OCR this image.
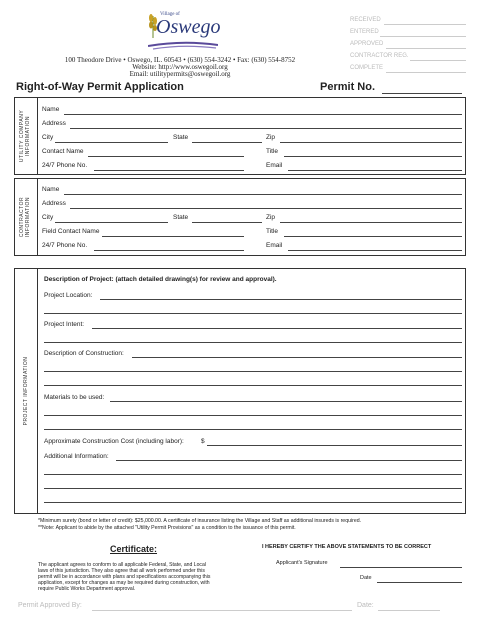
Village of
Oswego
100 Theodore Drive • Oswego, IL. 60543 • (630) 554-3242 • Fax: (630) 554-8752
Website: http://www.oswegoil.org
Email: utilitypermits@oswegoil.org
RECEIVED
ENTERED
APPROVED
CONTRACTOR REG.
COMPLETE
Right-of-Way Permit Application	Permit No.
UTILITY COMPANY INFORMATION
Name
Address
City	State	Zip
Contact Name	Title
24/7 Phone No.	Email
CONTRACTOR INFORMATION
Name
Address
City	State	Zip
Field Contact Name	Title
24/7 Phone No.	Email
PROJECT INFORMATION
Description of Project: (attach detailed drawing(s) for review and approval).
Project Location:
Project Intent:
Description of Construction:
Materials to be used:
Approximate Construction Cost (including labor):	$
Additional Information:
*Minimum surety (bond or letter of credit): $25,000.00. A certificate of insurance listing the Village and Staff as additional insureds is required.
**Note: Applicant to abide by the attached "Utility Permit Provisions" as a condition to the issuance of this permit.
Certificate:
The applicant agrees to conform to all applicable Federal, State, and Local
laws of this jurisdiction. They also agree that all work performed under this
permit will be in accordance with plans and specifications accompanying this
application, except for changes as may be required during construction, with
require Public Works Department approval.
I HEREBY CERTIFY THE ABOVE STATEMENTS TO BE CORRECT
Applicant's Signature
Date
Permit Approved By:	Date:
